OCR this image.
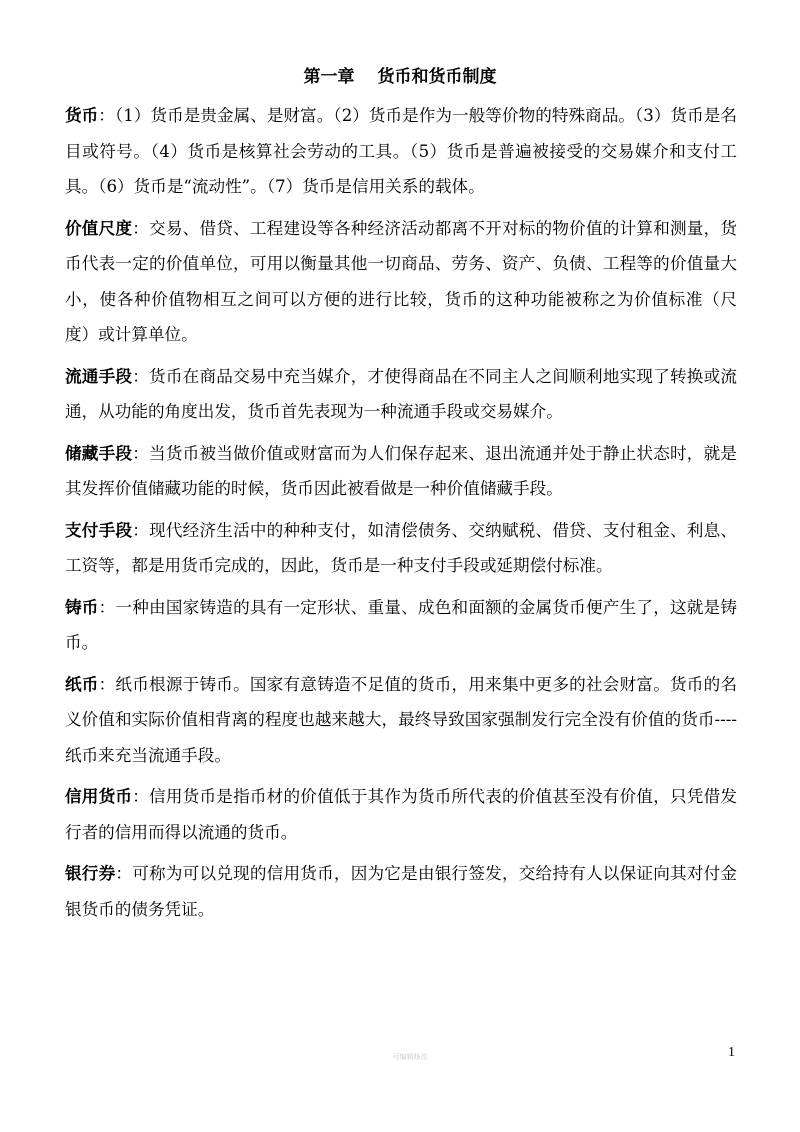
第一章　 货币和货币制度

货币：（1）货币是贵金属、是财富。（2）货币是作为一般等价物的特殊商品。（3）货币是名目或符号。（4）货币是核算社会劳动的工具。（5）货币是普遍被接受的交易媒介和支付工具。（6）货币是“流动性”。（7）货币是信用关系的载体。

价值尺度：交易、借贷、工程建设等各种经济活动都离不开对标的物价值的计算和测量，货币代表一定的价值单位，可用以衡量其他一切商品、劳务、资产、负债、工程等的价值量大小，使各种价值物相互之间可以方便的进行比较，货币的这种功能被称之为价值标准（尺度）或计算单位。

流通手段：货币在商品交易中充当媒介，才使得商品在不同主人之间顺利地实现了转换或流通，从功能的角度出发，货币首先表现为一种流通手段或交易媒介。

储藏手段：当货币被当做价值或财富而为人们保存起来、退出流通并处于静止状态时，就是其发挥价值储藏功能的时候，货币因此被看做是一种价值储藏手段。

支付手段：现代经济生活中的种种支付，如清偿债务、交纳赋税、借贷、支付租金、利息、工资等，都是用货币完成的，因此，货币是一种支付手段或延期偿付标准。

铸币：一种由国家铸造的具有一定形状、重量、成色和面额的金属货币便产生了，这就是铸币。

纸币：纸币根源于铸币。国家有意铸造不足值的货币，用来集中更多的社会财富。货币的名义价值和实际价值相背离的程度也越来越大，最终导致国家强制发行完全没有价值的货币----纸币来充当流通手段。

信用货币：信用货币是指币材的价值低于其作为货币所代表的价值甚至没有价值，只凭借发行者的信用而得以流通的货币。

银行券：可称为可以兑现的信用货币，因为它是由银行签发，交给持有人以保证向其对付金银货币的债务凭证。

可编辑修改	1
